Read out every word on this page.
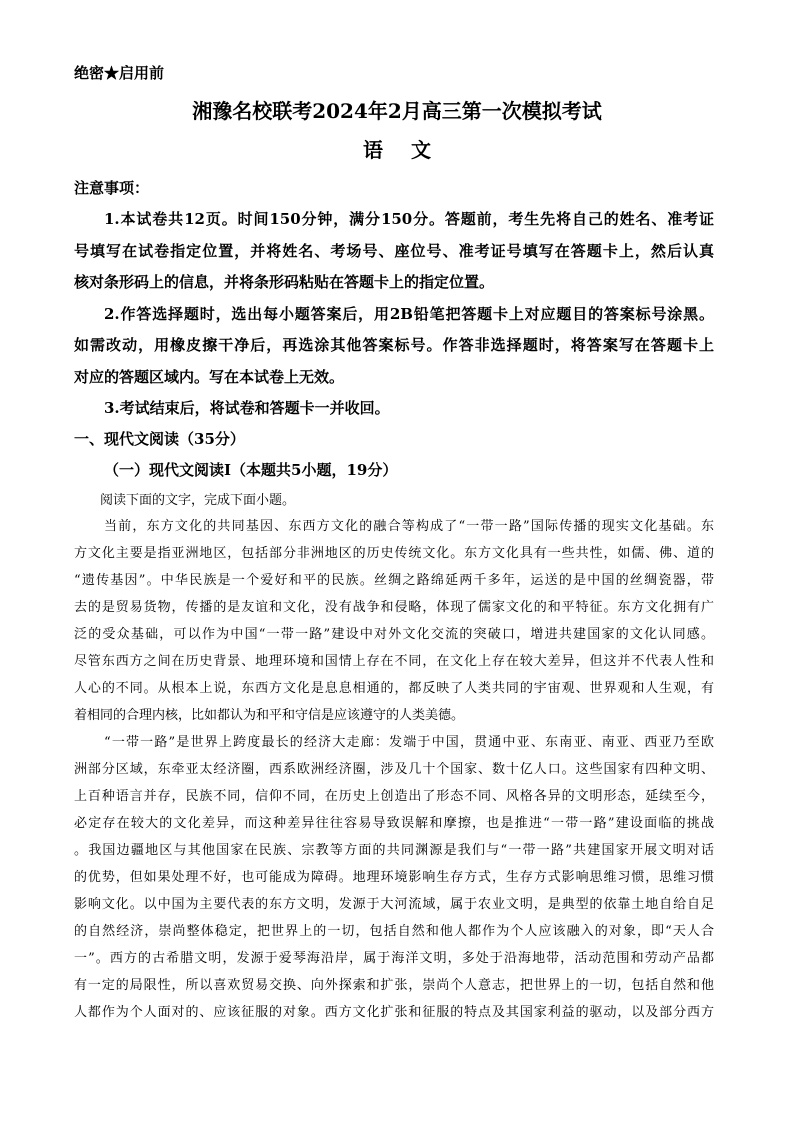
绝密★启用前
湘豫名校联考2024年2月高三第一次模拟考试
语文
注意事项：
1.本试卷共12页。时间150分钟，满分150分。答题前，考生先将自己的姓名、准考证
号填写在试卷指定位置，并将姓名、考场号、座位号、准考证号填写在答题卡上，然后认真
核对条形码上的信息，并将条形码粘贴在答题卡上的指定位置。
2.作答选择题时，选出每小题答案后，用2B铅笔把答题卡上对应题目的答案标号涂黑。
如需改动，用橡皮擦干净后，再选涂其他答案标号。作答非选择题时，将答案写在答题卡上
对应的答题区域内。写在本试卷上无效。
3.考试结束后，将试卷和答题卡一并收回。
一、现代文阅读（35分）
（一）现代文阅读Ⅰ（本题共5小题，19分）
阅读下面的文字，完成下面小题。
当前，东方文化的共同基因、东西方文化的融合等构成了“一带一路”国际传播的现实文化基础。东
方文化主要是指亚洲地区，包括部分非洲地区的历史传统文化。东方文化具有一些共性，如儒、佛、道的
“遗传基因”。中华民族是一个爱好和平的民族。丝绸之路绵延两千多年，运送的是中国的丝绸瓷器，带
去的是贸易货物，传播的是友谊和文化，没有战争和侵略，体现了儒家文化的和平特征。东方文化拥有广
泛的受众基础，可以作为中国“一带一路”建设中对外文化交流的突破口，增进共建国家的文化认同感。
尽管东西方之间在历史背景、地理环境和国情上存在不同，在文化上存在较大差异，但这并不代表人性和
人心的不同。从根本上说，东西方文化是息息相通的，都反映了人类共同的宇宙观、世界观和人生观，有
着相同的合理内核，比如都认为和平和守信是应该遵守的人类美德。
“一带一路”是世界上跨度最长的经济大走廊：发端于中国，贯通中亚、东南亚、南亚、西亚乃至欧
洲部分区域，东牵亚太经济圈，西系欧洲经济圈，涉及几十个国家、数十亿人口。这些国家有四种文明、
上百种语言并存，民族不同，信仰不同，在历史上创造出了形态不同、风格各异的文明形态，延续至今，
必定存在较大的文化差异，而这种差异往往容易导致误解和摩擦，也是推进“一带一路”建设面临的挑战
。我国边疆地区与其他国家在民族、宗教等方面的共同渊源是我们与“一带一路”共建国家开展文明对话
的优势，但如果处理不好，也可能成为障碍。地理环境影响生存方式，生存方式影响思维习惯，思维习惯
影响文化。以中国为主要代表的东方文明，发源于大河流域，属于农业文明，是典型的依靠土地自给自足
的自然经济，崇尚整体稳定，把世界上的一切，包括自然和他人都作为个人应该融入的对象，即“天人合
一”。西方的古希腊文明，发源于爱琴海沿岸，属于海洋文明，多处于沿海地带，活动范围和劳动产品都
有一定的局限性，所以喜欢贸易交换、向外探索和扩张，崇尚个人意志，把世界上的一切，包括自然和他
人都作为个人面对的、应该征服的对象。西方文化扩张和征服的特点及其国家利益的驱动，以及部分西方
